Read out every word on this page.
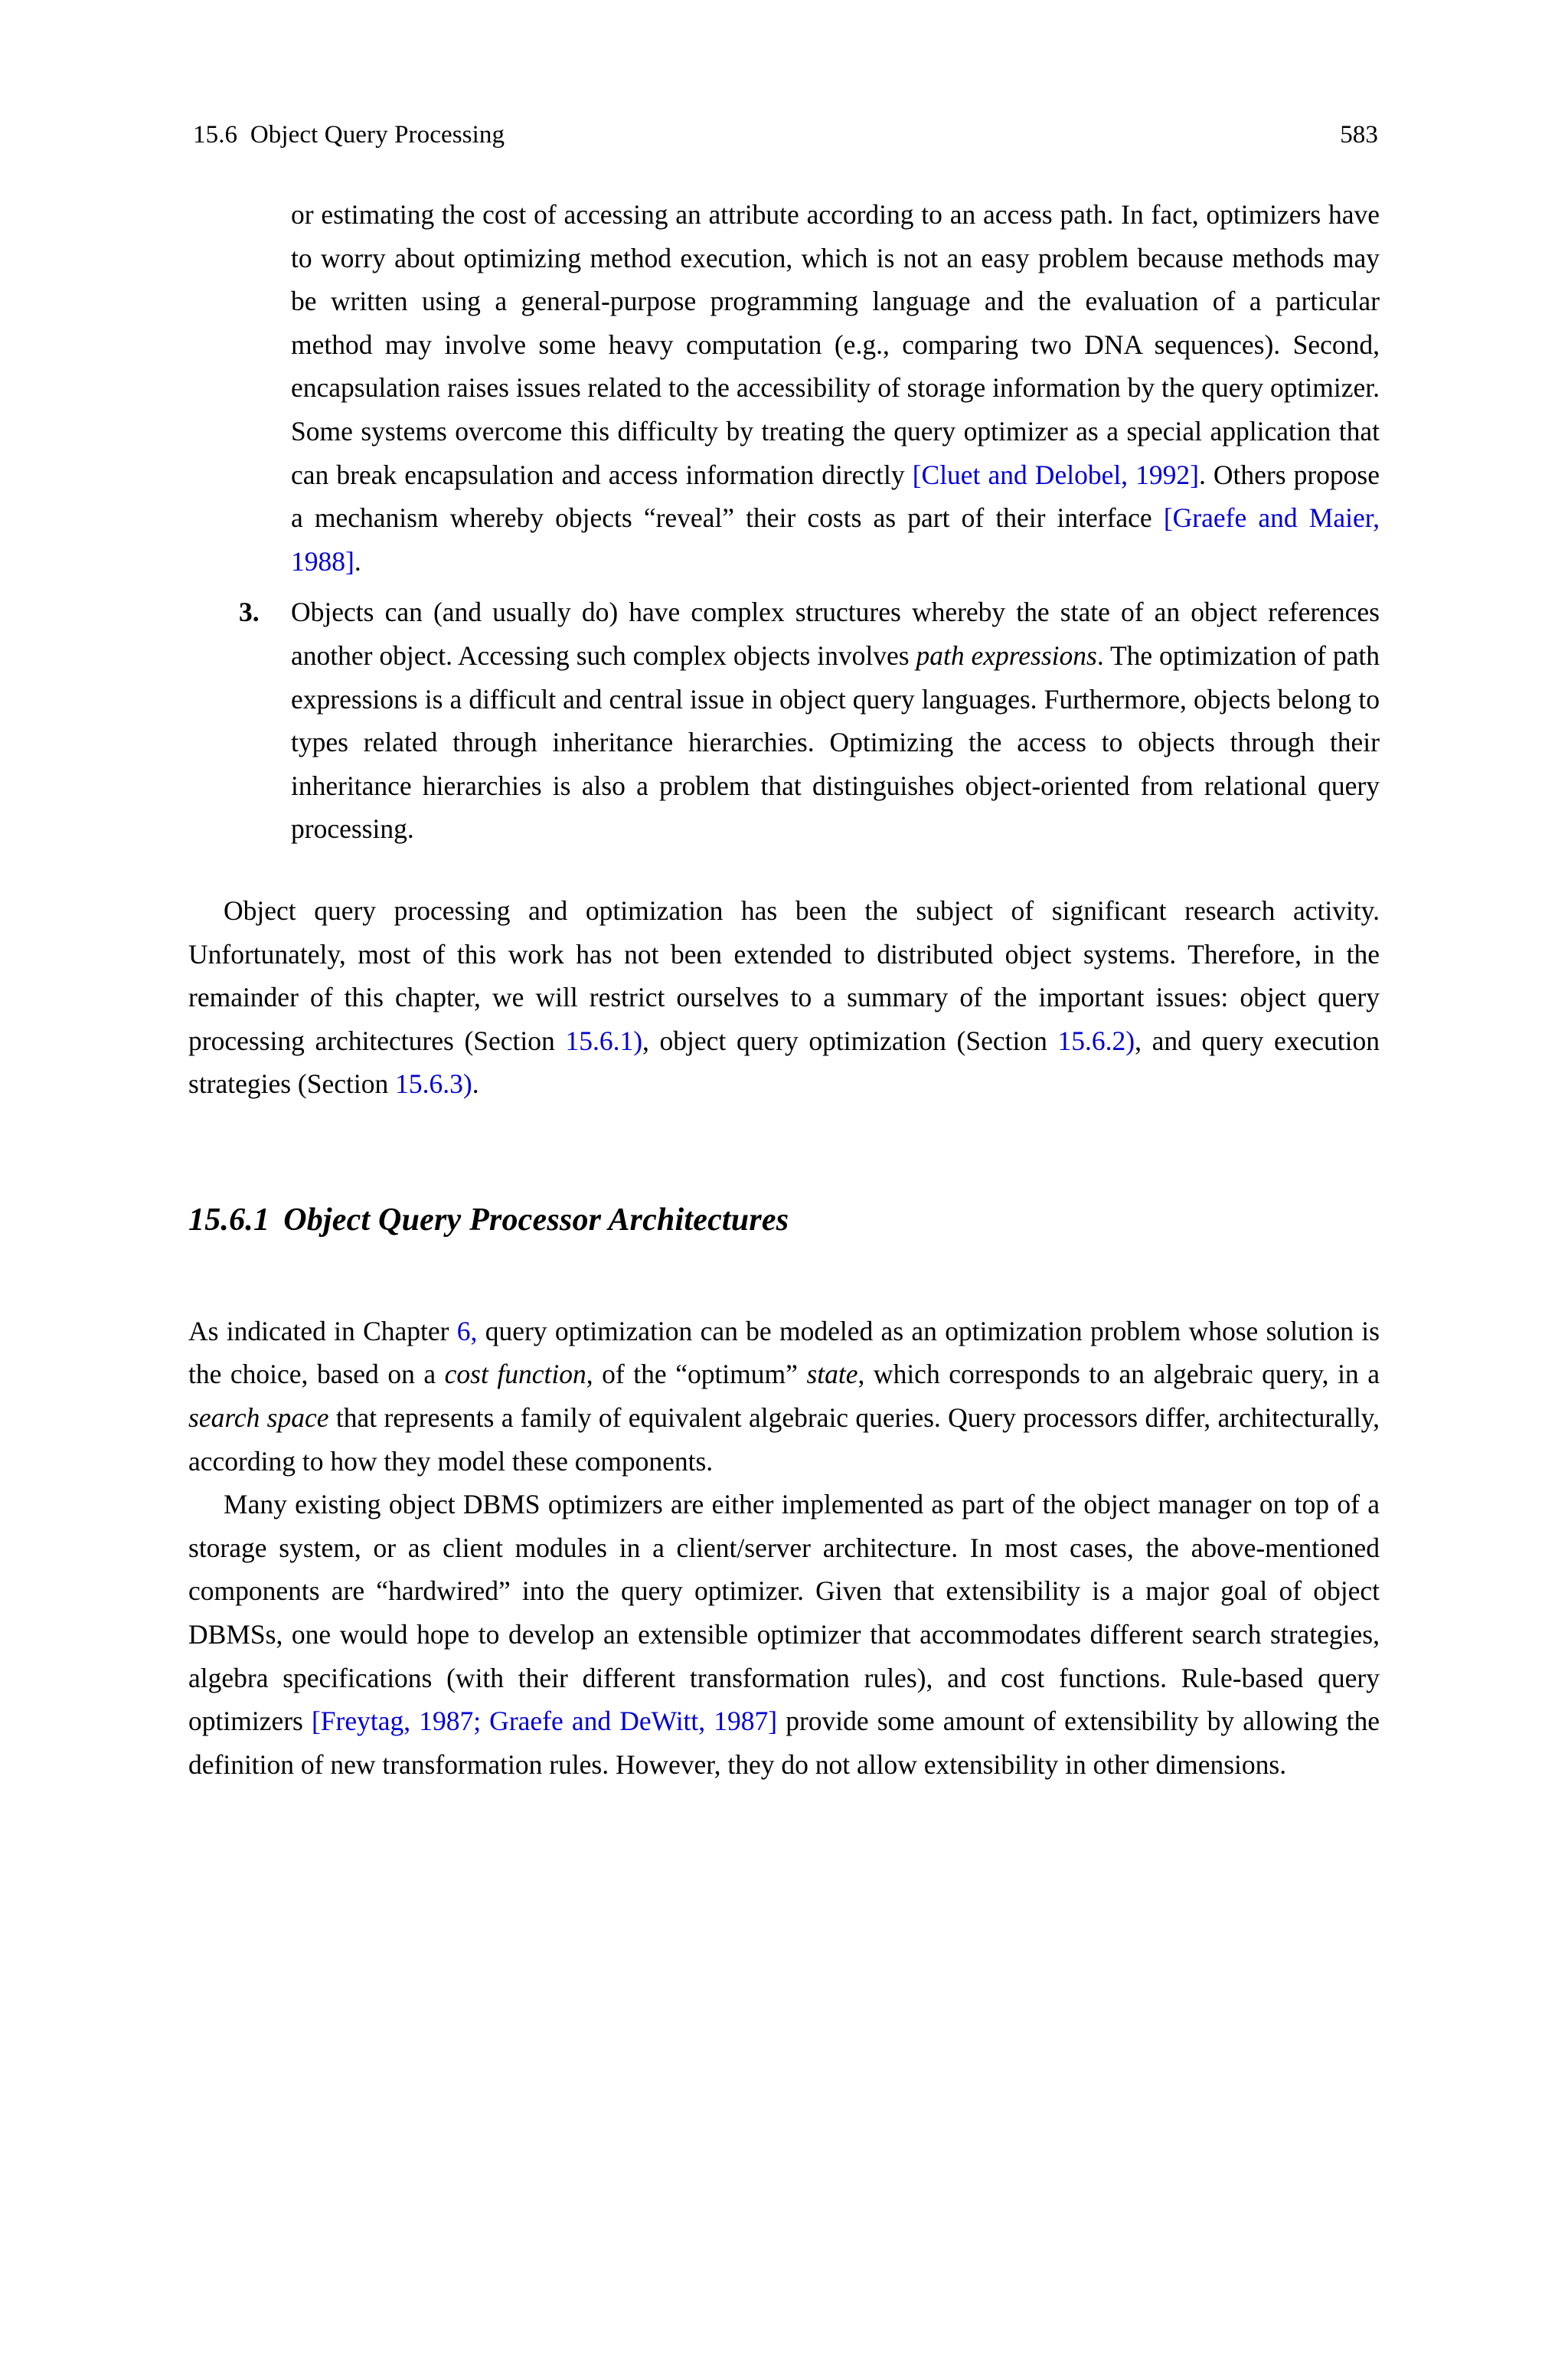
15.6  Object Query Processing	583

or estimating the cost of accessing an attribute according to an access path. In fact, optimizers have to worry about optimizing method execution, which is not an easy problem because methods may be written using a general-purpose programming language and the evaluation of a particular method may involve some heavy computation (e.g., comparing two DNA sequences). Second, encapsulation raises issues related to the accessibility of storage information by the query optimizer. Some systems overcome this difficulty by treating the query optimizer as a special application that can break encapsulation and access information directly [Cluet and Delobel, 1992]. Others propose a mechanism whereby objects “reveal” their costs as part of their interface [Graefe and Maier, 1988].

3. Objects can (and usually do) have complex structures whereby the state of an object references another object. Accessing such complex objects involves path expressions. The optimization of path expressions is a difficult and central issue in object query languages. Furthermore, objects belong to types related through inheritance hierarchies. Optimizing the access to objects through their inheritance hierarchies is also a problem that distinguishes object-oriented from relational query processing.

Object query processing and optimization has been the subject of significant research activity. Unfortunately, most of this work has not been extended to distributed object systems. Therefore, in the remainder of this chapter, we will restrict ourselves to a summary of the important issues: object query processing architectures (Section 15.6.1), object query optimization (Section 15.6.2), and query execution strategies (Section 15.6.3).

15.6.1 Object Query Processor Architectures

As indicated in Chapter 6, query optimization can be modeled as an optimization problem whose solution is the choice, based on a cost function, of the “optimum” state, which corresponds to an algebraic query, in a search space that represents a family of equivalent algebraic queries. Query processors differ, architecturally, according to how they model these components.

Many existing object DBMS optimizers are either implemented as part of the object manager on top of a storage system, or as client modules in a client/server architecture. In most cases, the above-mentioned components are “hardwired” into the query optimizer. Given that extensibility is a major goal of object DBMSs, one would hope to develop an extensible optimizer that accommodates different search strategies, algebra specifications (with their different transformation rules), and cost functions. Rule-based query optimizers [Freytag, 1987; Graefe and DeWitt, 1987] provide some amount of extensibility by allowing the definition of new transformation rules. However, they do not allow extensibility in other dimensions.
